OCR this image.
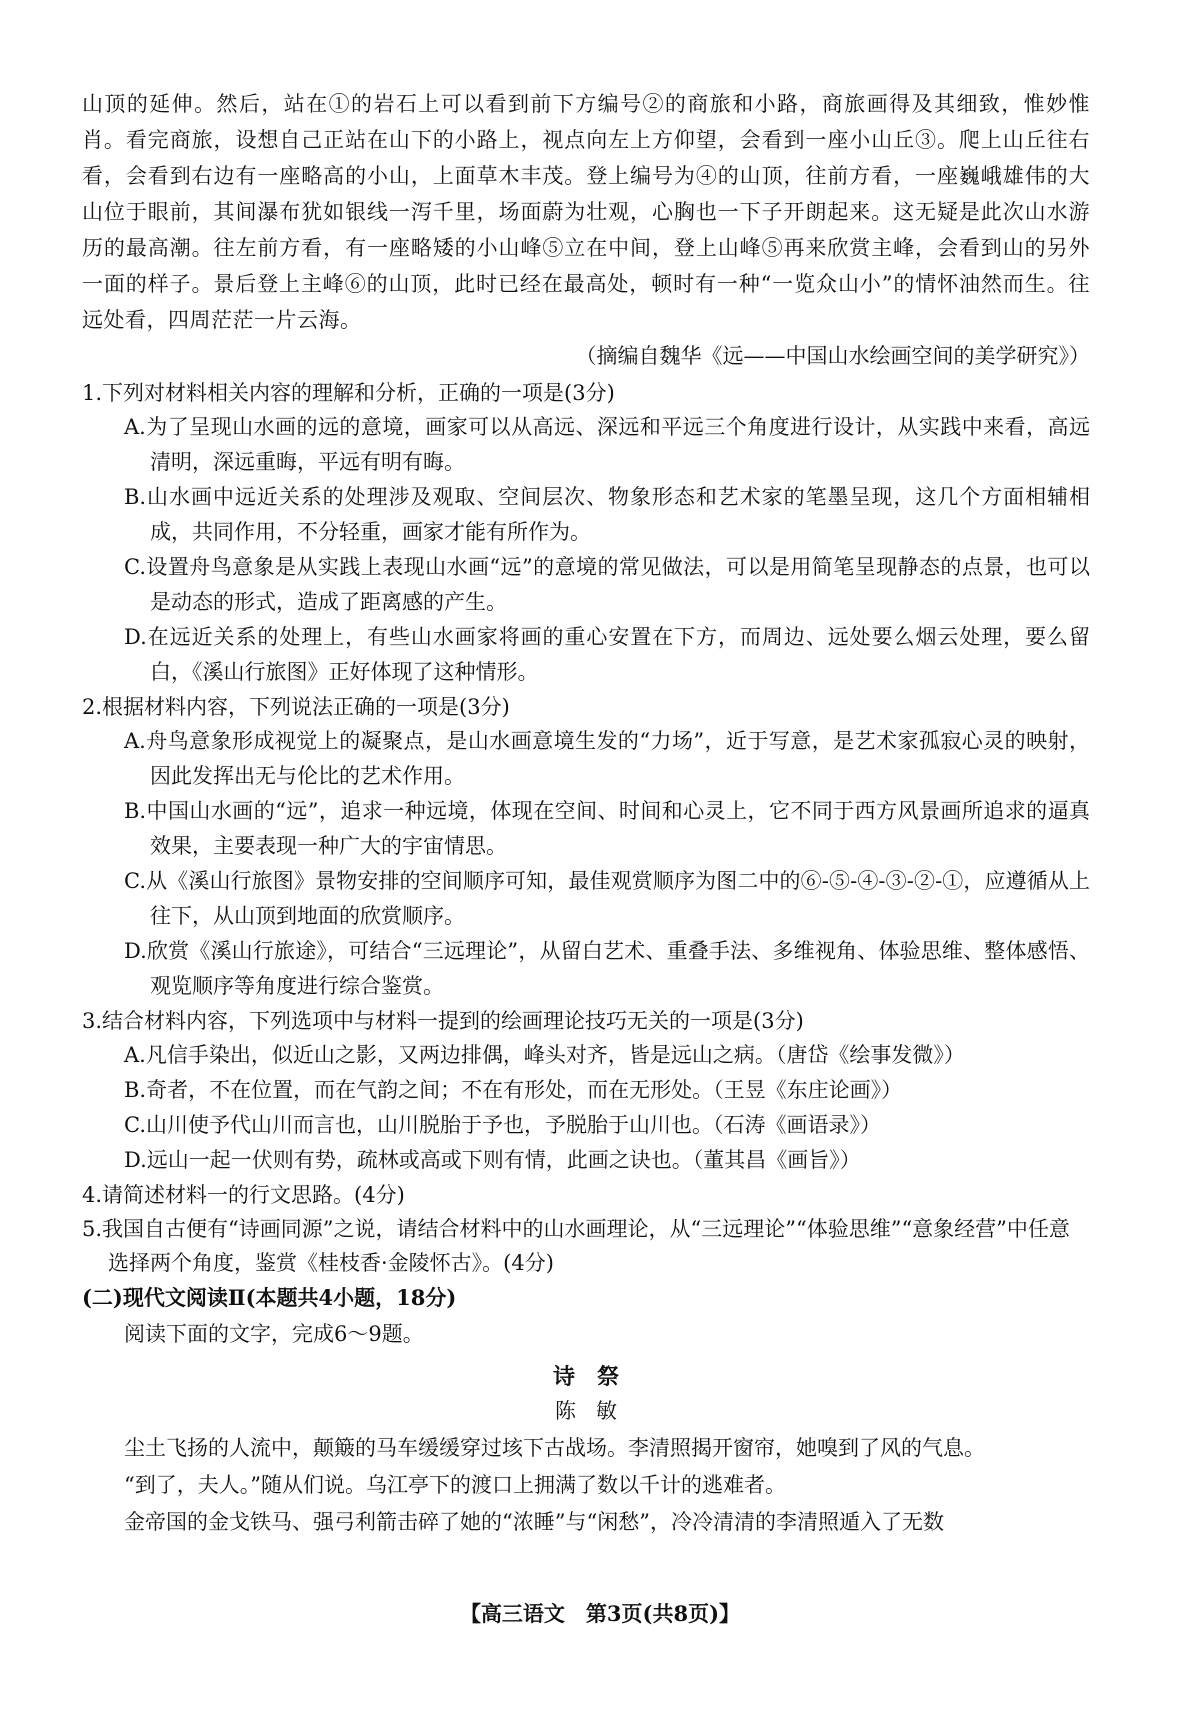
山顶的延伸。然后，站在①的岩石上可以看到前下方编号②的商旅和小路，商旅画得及其细致，惟妙惟肖。看完商旅，设想自己正站在山下的小路上，视点向左上方仰望，会看到一座小山丘③。爬上山丘往右看，会看到右边有一座略高的小山，上面草木丰茂。登上编号为④的山顶，往前方看，一座巍峨雄伟的大山位于眼前，其间瀑布犹如银线一泻千里，场面蔚为壮观，心胸也一下子开朗起来。这无疑是此次山水游历的最高潮。往左前方看，有一座略矮的小山峰⑤立在中间，登上山峰⑤再来欣赏主峰，会看到山的另外一面的样子。景后登上主峰⑥的山顶，此时已经在最高处，顿时有一种“一览众山小”的情怀油然而生。往远处看，四周茫茫一片云海。

（摘编自魏华《远——中国山水绘画空间的美学研究》）

1.下列对材料相关内容的理解和分析，正确的一项是(3分)

A.为了呈现山水画的远的意境，画家可以从高远、深远和平远三个角度进行设计，从实践中来看，高远清明，深远重晦，平远有明有晦。

B.山水画中远近关系的处理涉及观取、空间层次、物象形态和艺术家的笔墨呈现，这几个方面相辅相成，共同作用，不分轻重，画家才能有所作为。

C.设置舟鸟意象是从实践上表现山水画“远”的意境的常见做法，可以是用简笔呈现静态的点景，也可以是动态的形式，造成了距离感的产生。

D.在远近关系的处理上，有些山水画家将画的重心安置在下方，而周边、远处要么烟云处理，要么留白，《溪山行旅图》正好体现了这种情形。

2.根据材料内容，下列说法正确的一项是(3分)

A.舟鸟意象形成视觉上的凝聚点，是山水画意境生发的“力场”，近于写意，是艺术家孤寂心灵的映射，因此发挥出无与伦比的艺术作用。

B.中国山水画的“远”，追求一种远境，体现在空间、时间和心灵上，它不同于西方风景画所追求的逼真效果，主要表现一种广大的宇宙情思。

C.从《溪山行旅图》景物安排的空间顺序可知，最佳观赏顺序为图二中的⑥-⑤-④-③-②-①，应遵循从上往下，从山顶到地面的欣赏顺序。

D.欣赏《溪山行旅途》，可结合“三远理论”，从留白艺术、重叠手法、多维视角、体验思维、整体感悟、观览顺序等角度进行综合鉴赏。

3.结合材料内容，下列选项中与材料一提到的绘画理论技巧无关的一项是(3分)

A.凡信手染出，似近山之影，又两边排偶，峰头对齐，皆是远山之病。（唐岱《绘事发微》）

B.奇者，不在位置，而在气韵之间；不在有形处，而在无形处。（王昱《东庄论画》）

C.山川使予代山川而言也，山川脱胎于予也，予脱胎于山川也。（石涛《画语录》）

D.远山一起一伏则有势，疏林或高或下则有情，此画之诀也。（董其昌《画旨》）

4.请简述材料一的行文思路。(4分)

5.我国自古便有“诗画同源”之说，请结合材料中的山水画理论，从“三远理论”“体验思维”“意象经营”中任意选择两个角度，鉴赏《桂枝香·金陵怀古》。(4分)

(二)现代文阅读Ⅱ(本题共4小题，18分)

阅读下面的文字，完成6～9题。

诗祭

陈敏

尘土飞扬的人流中，颠簸的马车缓缓穿过垓下古战场。李清照揭开窗帘，她嗅到了风的气息。

“到了，夫人。”随从们说。乌江亭下的渡口上拥满了数以千计的逃难者。

金帝国的金戈铁马、强弓利箭击碎了她的“浓睡”与“闲愁”，冷冷清清的李清照遁入了无数

【高三语文　第3页(共8页)】
